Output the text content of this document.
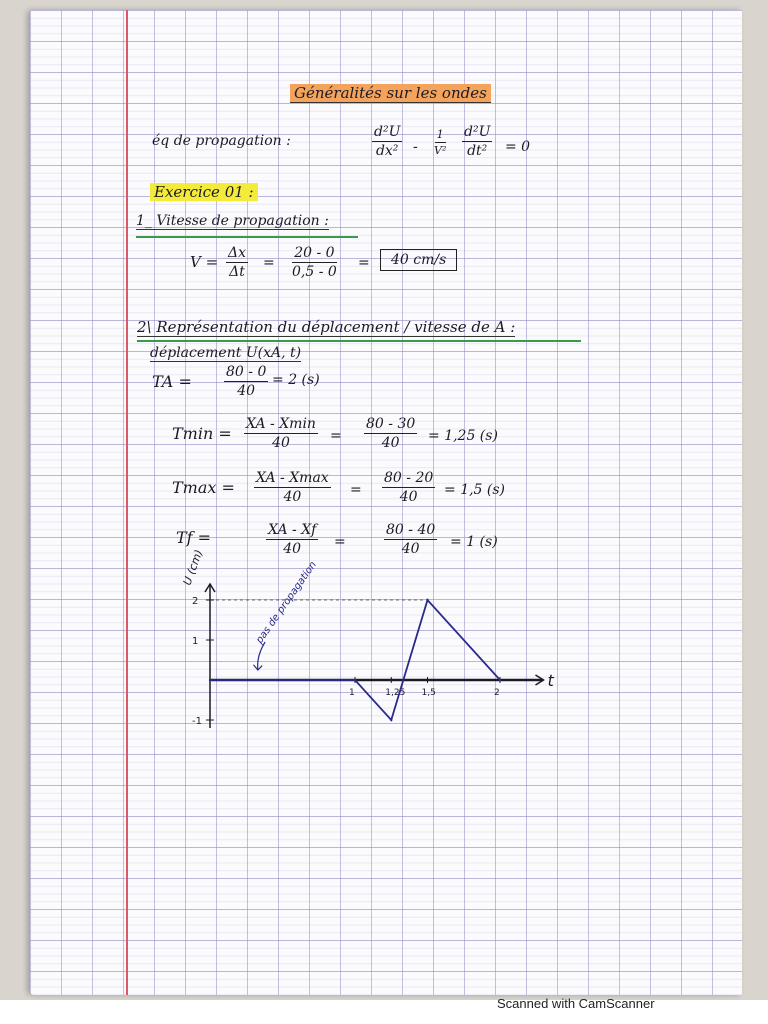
Généralités sur les ondes
éq de propagation :	$\frac{\text{d²U}}{\text{dx²}} - \frac{1}{\text{V²}} \frac{\text{d²U}}{\text{dt²}} = 0$
Exercice 01 :
1_ Vitesse de propagation :
$V = \frac{\Delta x}{\Delta t} = \frac{20 - 0}{0,5 - 0}$ =	40 cm/s
2\ Représentation du déplacement / vitesse de A :
déplacement U(xA, t)
TA = $\frac{80 - 0}{40} = 2$ (s)
Tmin = XA - Xmin
40	= $\frac{80 - 30}{40} = 1,25$ (s)
Tmax = XA - Xmax
40	= $\frac{80 - 20}{40} = 1,5$ (s)
Tf =	$\frac{XA - Xf}{40}$ =	$\frac{80 - 40}{40} = 1$ (s)
U (cm)
t
2
1
-1
1	1,25 1,5	2
pas de propagation
Scanned with CamScanner
